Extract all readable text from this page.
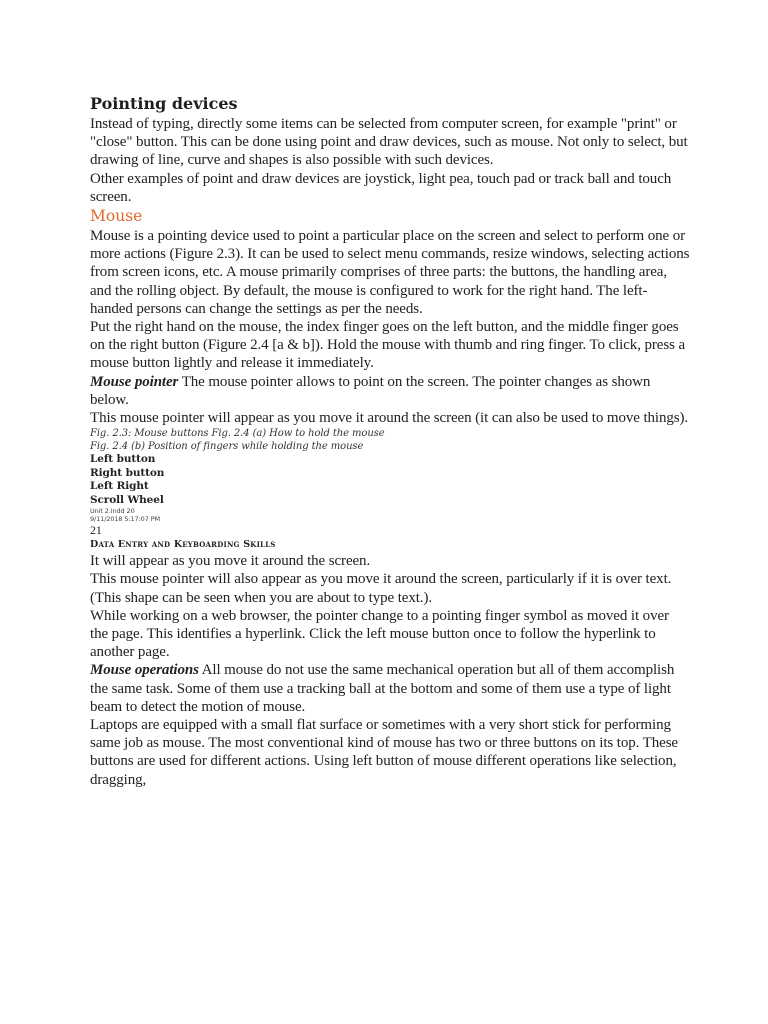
Pointing devices

Instead of typing, directly some items can be selected from computer screen, for example "print" or "close" button. This can be done using point and draw devices, such as mouse. Not only to select, but drawing of line, curve and shapes is also possible with such devices.

Other examples of point and draw devices are joystick, light pea, touch pad or track ball and touch screen.

Mouse

Mouse is a pointing device used to point a particular place on the screen and select to perform one or more actions (Figure 2.3). It can be used to select menu commands, resize windows, selecting actions from screen icons, etc. A mouse primarily comprises of three parts: the buttons, the handling area, and the rolling object. By default, the mouse is configured to work for the right hand. The left-handed persons can change the settings as per the needs.

Put the right hand on the mouse, the index finger goes on the left button, and the middle finger goes on the right button (Figure 2.4 [a & b]). Hold the mouse with thumb and ring finger. To click, press a mouse button lightly and release it immediately.

Mouse pointer The mouse pointer allows to point on the screen. The pointer changes as shown below.

This mouse pointer will appear as you move it around the screen (it can also be used to move things).

Fig. 2.3: Mouse buttons Fig. 2.4 (a) How to hold the mouse

Fig. 2.4 (b) Position of fingers while holding the mouse

Left button

Right button

Left Right

Scroll Wheel

Unit 2.indd 20

9/11/2018 5:17:07 PM

21

Data Entry and Keyboarding Skills

It will appear as you move it around the screen.

This mouse pointer will also appear as you move it around the screen, particularly if it is over text. (This shape can be seen when you are about to type text.).

While working on a web browser, the pointer change to a pointing finger symbol as moved it over the page. This identifies a hyperlink. Click the left mouse button once to follow the hyperlink to another page.

Mouse operations All mouse do not use the same mechanical operation but all of them accomplish the same task. Some of them use a tracking ball at the bottom and some of them use a type of light beam to detect the motion of mouse.

Laptops are equipped with a small flat surface or sometimes with a very short stick for performing same job as mouse. The most conventional kind of mouse has two or three buttons on its top. These buttons are used for different actions. Using left button of mouse different operations like selection, dragging,
